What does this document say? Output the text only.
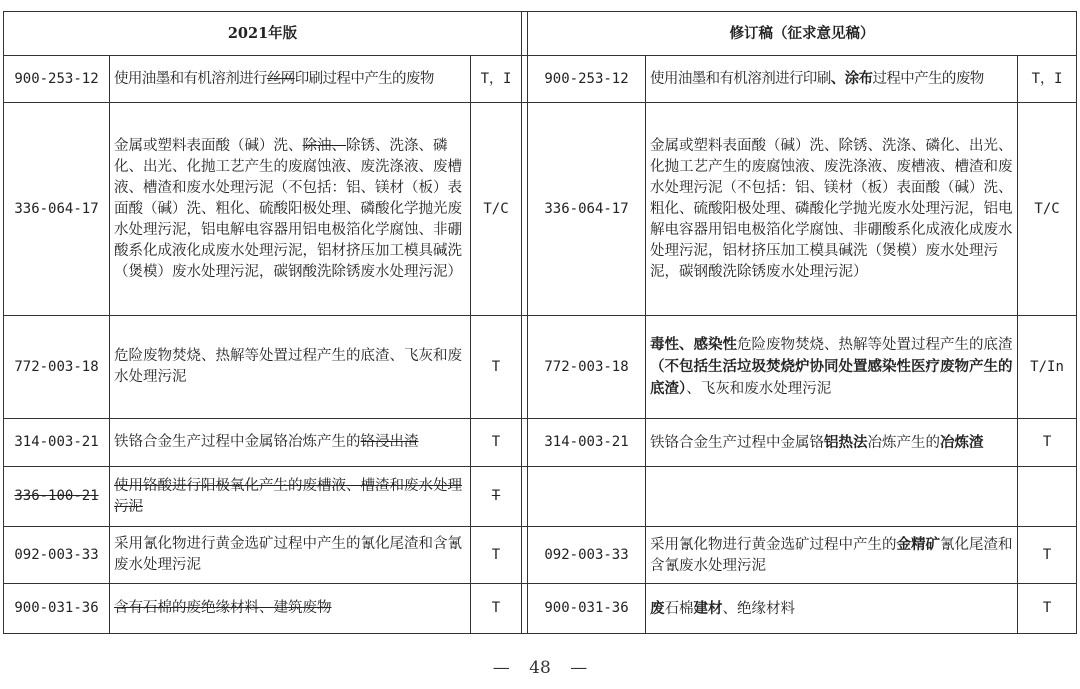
2021年版				修订稿（征求意见稿）		
900-253-12	使用油墨和有机溶剂进行丝网印刷过程中产生的废物	T，I		900-253-12	使用油墨和有机溶剂进行印刷、涂布过程中产生的废物	T，I
336-064-17	金属或塑料表面酸（碱）洗、除油、除锈、洗涤、磷化、出光、化抛工艺产生的废腐蚀液、废洗涤液、废槽液、槽渣和废水处理污泥（不包括：铝、镁材（板）表面酸（碱）洗、粗化、硫酸阳极处理、磷酸化学抛光废水处理污泥，铝电解电容器用铝电极箔化学腐蚀、非硼酸系化成液化成废水处理污泥，铝材挤压加工模具碱洗（煲模）废水处理污泥，碳钢酸洗除锈废水处理污泥）	T/C		336-064-17	金属或塑料表面酸（碱）洗、除锈、洗涤、磷化、出光、化抛工艺产生的废腐蚀液、废洗涤液、废槽液、槽渣和废水处理污泥（不包括：铝、镁材（板）表面酸（碱）洗、粗化、硫酸阳极处理、磷酸化学抛光废水处理污泥，铝电解电容器用铝电极箔化学腐蚀、非硼酸系化成液化成废水处理污泥，铝材挤压加工模具碱洗（煲模）废水处理污泥，碳钢酸洗除锈废水处理污泥）	T/C
772-003-18	危险废物焚烧、热解等处置过程产生的底渣、飞灰和废水处理污泥	T		772-003-18	毒性、感染性危险废物焚烧、热解等处置过程产生的底渣（不包括生活垃圾焚烧炉协同处置感染性医疗废物产生的底渣）、飞灰和废水处理污泥	T/In
314-003-21	铁铬合金生产过程中金属铬冶炼产生的铬浸出渣	T		314-003-21	铁铬合金生产过程中金属铬铝热法冶炼产生的冶炼渣	T
336-100-21	使用铬酸进行阳极氧化产生的废槽液、槽渣和废水处理污泥	T				
092-003-33	采用氰化物进行黄金选矿过程中产生的氰化尾渣和含氰废水处理污泥	T		092-003-33	采用氰化物进行黄金选矿过程中产生的金精矿氰化尾渣和含氰废水处理污泥	T
900-031-36	含有石棉的废绝缘材料、建筑废物	T		900-031-36	废石棉建材、绝缘材料	T
— 48 —
